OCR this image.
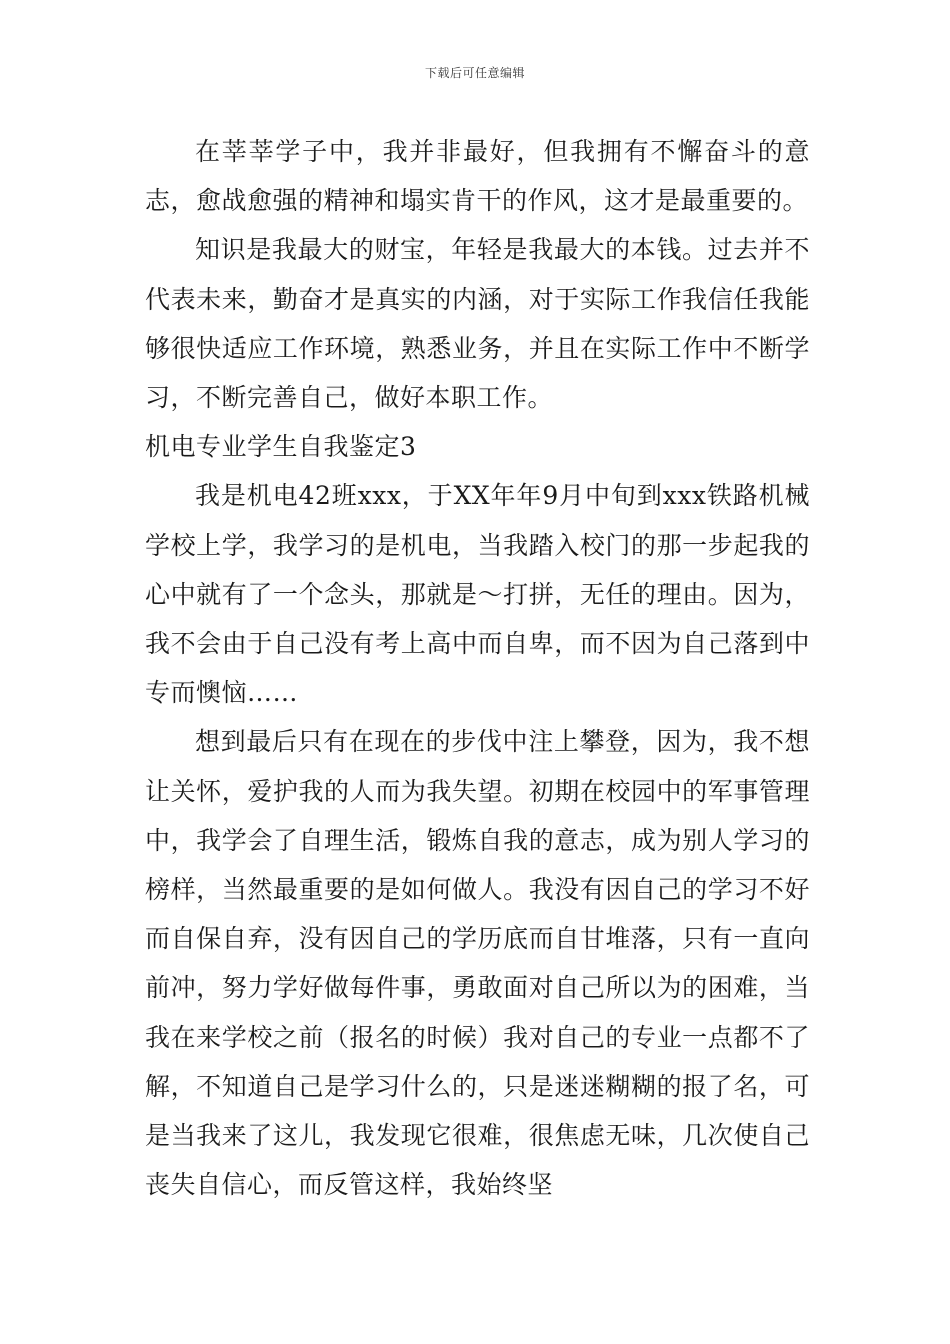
下载后可任意编辑

在莘莘学子中，我并非最好，但我拥有不懈奋斗的意志，愈战愈强的精神和塌实肯干的作风，这才是最重要的。

知识是我最大的财宝，年轻是我最大的本钱。过去并不代表未来，勤奋才是真实的内涵，对于实际工作我信任我能够很快适应工作环境，熟悉业务，并且在实际工作中不断学习，不断完善自己，做好本职工作。

机电专业学生自我鉴定3

我是机电42班xxx，于XX年年9月中旬到xxx铁路机械学校上学，我学习的是机电，当我踏入校门的那一步起我的心中就有了一个念头，那就是～打拼，无任的理由。因为，我不会由于自己没有考上高中而自卑，而不因为自己落到中专而懊恼……

想到最后只有在现在的步伐中注上攀登，因为，我不想让关怀，爱护我的人而为我失望。初期在校园中的军事管理中，我学会了自理生活，锻炼自我的意志，成为别人学习的榜样，当然最重要的是如何做人。我没有因自己的学习不好而自保自弃，没有因自己的学历底而自甘堆落，只有一直向前冲，努力学好做每件事，勇敢面对自己所以为的困难，当我在来学校之前（报名的时候）我对自己的专业一点都不了解，不知道自己是学习什么的，只是迷迷糊糊的报了名，可是当我来了这儿，我发现它很难，很焦虑无味，几次使自己丧失自信心，而反管这样，我始终坚
